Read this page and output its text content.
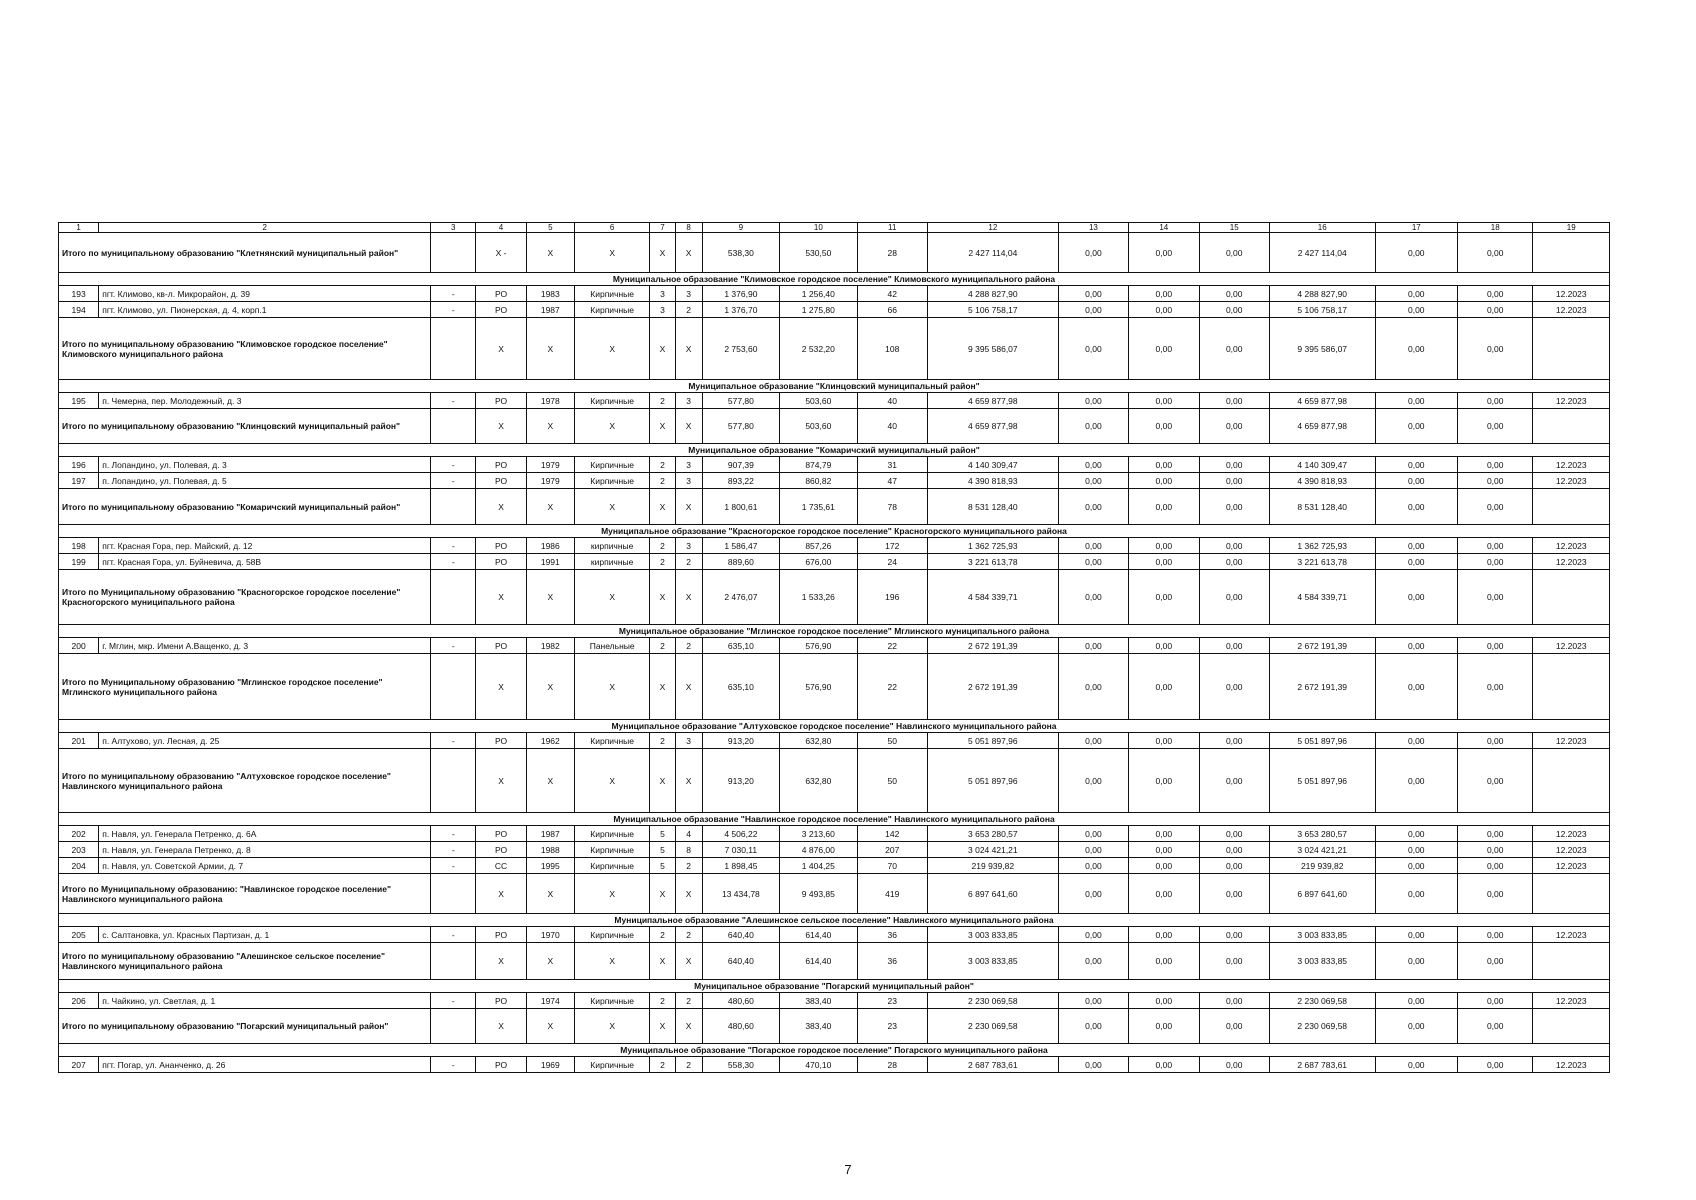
1	2	3	4	5	6	7	8	9	10	11	12	13	14	15	16	17	18	19
Итого по муниципальному образованию "Клетнянский муниципальный район"			X -	X	X	X	X	538,30	530,50	28	2 427 114,04	0,00	0,00	0,00	2 427 114,04	0,00	0,00	
Муниципальное образование "Климовское городское поселение" Климовского муниципального района																		
193	пгт. Климово, кв-л. Микрорайон, д. 39	-	РО	1983	Кирпичные	3	3	1 376,90	1 256,40	42	4 288 827,90	0,00	0,00	0,00	4 288 827,90	0,00	0,00	12.2023
194	пгт. Климово, ул. Пионерская, д. 4, корп.1	-	РО	1987	Кирпичные	3	2	1 376,70	1 275,80	66	5 106 758,17	0,00	0,00	0,00	5 106 758,17	0,00	0,00	12.2023
Итого по муниципальному образованию "Климовское городское поселение" Климовского муниципального района			X	X	X	X	X	2 753,60	2 532,20	108	9 395 586,07	0,00	0,00	0,00	9 395 586,07	0,00	0,00	
Муниципальное образование "Клинцовский муниципальный район"																		
195	п. Чемерна, пер. Молодежный, д. 3	-	РО	1978	Кирпичные	2	3	577,80	503,60	40	4 659 877,98	0,00	0,00	0,00	4 659 877,98	0,00	0,00	12.2023
Итого по муниципальному образованию "Клинцовский муниципальный район"			X	X	X	X	X	577,80	503,60	40	4 659 877,98	0,00	0,00	0,00	4 659 877,98	0,00	0,00	
Муниципальное образование "Комаричский муниципальный район"																		
196	п. Лопандино, ул. Полевая, д. 3	-	РО	1979	Кирпичные	2	3	907,39	874,79	31	4 140 309,47	0,00	0,00	0,00	4 140 309,47	0,00	0,00	12.2023
197	п. Лопандино, ул. Полевая, д. 5	-	РО	1979	Кирпичные	2	3	893,22	860,82	47	4 390 818,93	0,00	0,00	0,00	4 390 818,93	0,00	0,00	12.2023
Итого по муниципальному образованию "Комаричский муниципальный район"			X	X	X	X	X	1 800,61	1 735,61	78	8 531 128,40	0,00	0,00	0,00	8 531 128,40	0,00	0,00	
Муниципальное образование "Красногорское городское поселение" Красногорского муниципального района																		
198	пгт. Красная Гора, пер. Майский, д. 12	-	РО	1986	кирпичные	2	3	1 586,47	857,26	172	1 362 725,93	0,00	0,00	0,00	1 362 725,93	0,00	0,00	12.2023
199	пгт. Красная Гора, ул. Буйневича, д. 58В	-	РО	1991	кирпичные	2	2	889,60	676,00	24	3 221 613,78	0,00	0,00	0,00	3 221 613,78	0,00	0,00	12.2023
Итого по Муниципальному образованию "Красногорское городское поселение" Красногорского муниципального района			X	X	X	X	X	2 476,07	1 533,26	196	4 584 339,71	0,00	0,00	0,00	4 584 339,71	0,00	0,00	
Муниципальное образование "Мглинское городское поселение" Мглинского муниципального района																		
200	г. Мглин, мкр. Имени А.Ващенко, д. 3	-	РО	1982	Панельные	2	2	635,10	576,90	22	2 672 191,39	0,00	0,00	0,00	2 672 191,39	0,00	0,00	12.2023
Итого по Муниципальному образованию "Мглинское городское поселение" Мглинского муниципального района			X	X	X	X	X	635,10	576,90	22	2 672 191,39	0,00	0,00	0,00	2 672 191,39	0,00	0,00	
Муниципальное образование "Алтуховское городское поселение" Навлинского муниципального района																		
201	п. Алтухово, ул. Лесная, д. 25	-	РО	1962	Кирпичные	2	3	913,20	632,80	50	5 051 897,96	0,00	0,00	0,00	5 051 897,96	0,00	0,00	12.2023
Итого по муниципальному образованию "Алтуховское городское поселение" Навлинского муниципального района			X	X	X	X	X	913,20	632,80	50	5 051 897,96	0,00	0,00	0,00	5 051 897,96	0,00	0,00	
Муниципальное образование "Навлинское городское поселение" Навлинского муниципального района																		
202	п. Навля, ул. Генерала Петренко, д. 6А	-	РО	1987	Кирпичные	5	4	4 506,22	3 213,60	142	3 653 280,57	0,00	0,00	0,00	3 653 280,57	0,00	0,00	12.2023
203	п. Навля, ул. Генерала Петренко, д. 8	-	РО	1988	Кирпичные	5	8	7 030,11	4 876,00	207	3 024 421,21	0,00	0,00	0,00	3 024 421,21	0,00	0,00	12.2023
204	п. Навля, ул. Советской Армии, д. 7	-	СС	1995	Кирпичные	5	2	1 898,45	1 404,25	70	219 939,82	0,00	0,00	0,00	219 939,82	0,00	0,00	12.2023
Итого по Муниципальному образованию: "Навлинское городское поселение" Навлинского муниципального района			X	X	X	X	X	13 434,78	9 493,85	419	6 897 641,60	0,00	0,00	0,00	6 897 641,60	0,00	0,00	
Муниципальное образование "Алешинское сельское поселение" Навлинского муниципального района																		
205	с. Салтановка, ул. Красных Партизан, д. 1	-	РО	1970	Кирпичные	2	2	640,40	614,40	36	3 003 833,85	0,00	0,00	0,00	3 003 833,85	0,00	0,00	12.2023
Итого по муниципальному образованию "Алешинское сельское поселение" Навлинского муниципального района			X	X	X	X	X	640,40	614,40	36	3 003 833,85	0,00	0,00	0,00	3 003 833,85	0,00	0,00	
Муниципальное образование "Погарский муниципальный район"																		
206	п. Чайкино, ул. Светлая, д. 1	-	РО	1974	Кирпичные	2	2	480,60	383,40	23	2 230 069,58	0,00	0,00	0,00	2 230 069,58	0,00	0,00	12.2023
Итого по муниципальному образованию "Погарский муниципальный район"			X	X	X	X	X	480,60	383,40	23	2 230 069,58	0,00	0,00	0,00	2 230 069,58	0,00	0,00	
Муниципальное образование "Погарское городское поселение" Погарского муниципального района																		
207	пгт. Погар, ул. Ананченко, д. 26	-	РО	1969	Кирпичные	2	2	558,30	470,10	28	2 687 783,61	0,00	0,00	0,00	2 687 783,61	0,00	0,00	12.2023
7
